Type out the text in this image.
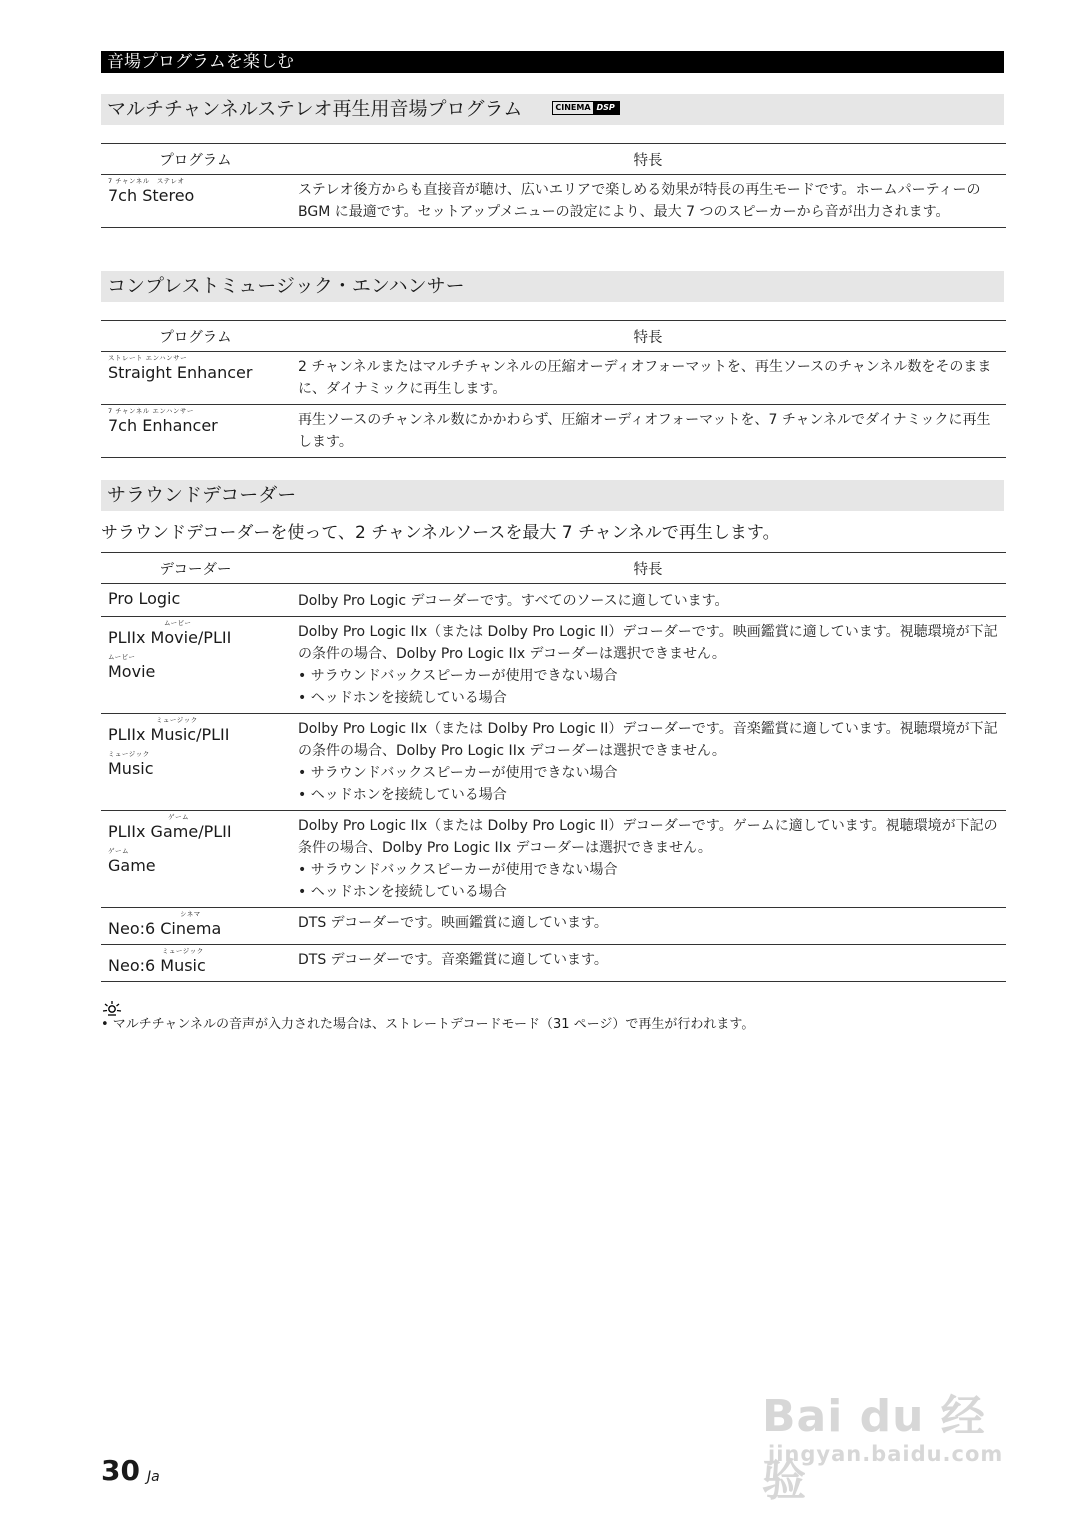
音場プログラムを楽しむ
マルチチャンネルステレオ再生用音場プログラム	CINEMA DSP
プログラム	特長

7 チャンネル　ステレオ
7ch Stereo	ステレオ後方からも直接音が聴け、広いエリアで楽しめる効果が特長の再生モードです。ホームパーティーの BGM に最適です。セットアップメニューの設定により、最大 7 つのスピーカーから音が出力されます。
コンプレストミュージック・エンハンサー
プログラム	特長

ストレート エンハンサー
Straight Enhancer	2 チャンネルまたはマルチチャンネルの圧縮オーディオフォーマットを、再生ソースのチャンネル数をそのままに、ダイナミックに再生します。

7 チャンネル エンハンサー
7ch Enhancer	再生ソースのチャンネル数にかかわらず、圧縮オーディオフォーマットを、7 チャンネルでダイナミックに再生します。
サラウンドデコーダー
サラウンドデコーダーを使って、2 チャンネルソースを最大 7 チャンネルで再生します。
デコーダー	特長
Pro Logic	Dolby Pro Logic デコーダーです。すべてのソースに適しています。

ムービー
PLIIx Movie/PLII
ムービー
Movie	Dolby Pro Logic IIx（または Dolby Pro Logic II）デコーダーです。映画鑑賞に適しています。視聴環境が下記の条件の場合、Dolby Pro Logic IIx デコーダーは選択できません。
• サラウンドバックスピーカーが使用できない場合
• ヘッドホンを接続している場合

ミュージック
PLIIx Music/PLII
ミュージック
Music	Dolby Pro Logic IIx（または Dolby Pro Logic II）デコーダーです。音楽鑑賞に適しています。視聴環境が下記の条件の場合、Dolby Pro Logic IIx デコーダーは選択できません。
• サラウンドバックスピーカーが使用できない場合
• ヘッドホンを接続している場合

ゲーム
PLIIx Game/PLII
ゲーム
Game	Dolby Pro Logic IIx（または Dolby Pro Logic II）デコーダーです。ゲームに適しています。視聴環境が下記の条件の場合、Dolby Pro Logic IIx デコーダーは選択できません。
• サラウンドバックスピーカーが使用できない場合
• ヘッドホンを接続している場合

シネマ
Neo:6 Cinema	DTS デコーダーです。映画鑑賞に適しています。

ミュージック
Neo:6 Music	DTS デコーダーです。音楽鑑賞に適しています。
• マルチチャンネルの音声が入力された場合は、ストレートデコードモード（31 ページ）で再生が行われます。
Bai du 经验
jingyan.baidu.com
30 Ja
